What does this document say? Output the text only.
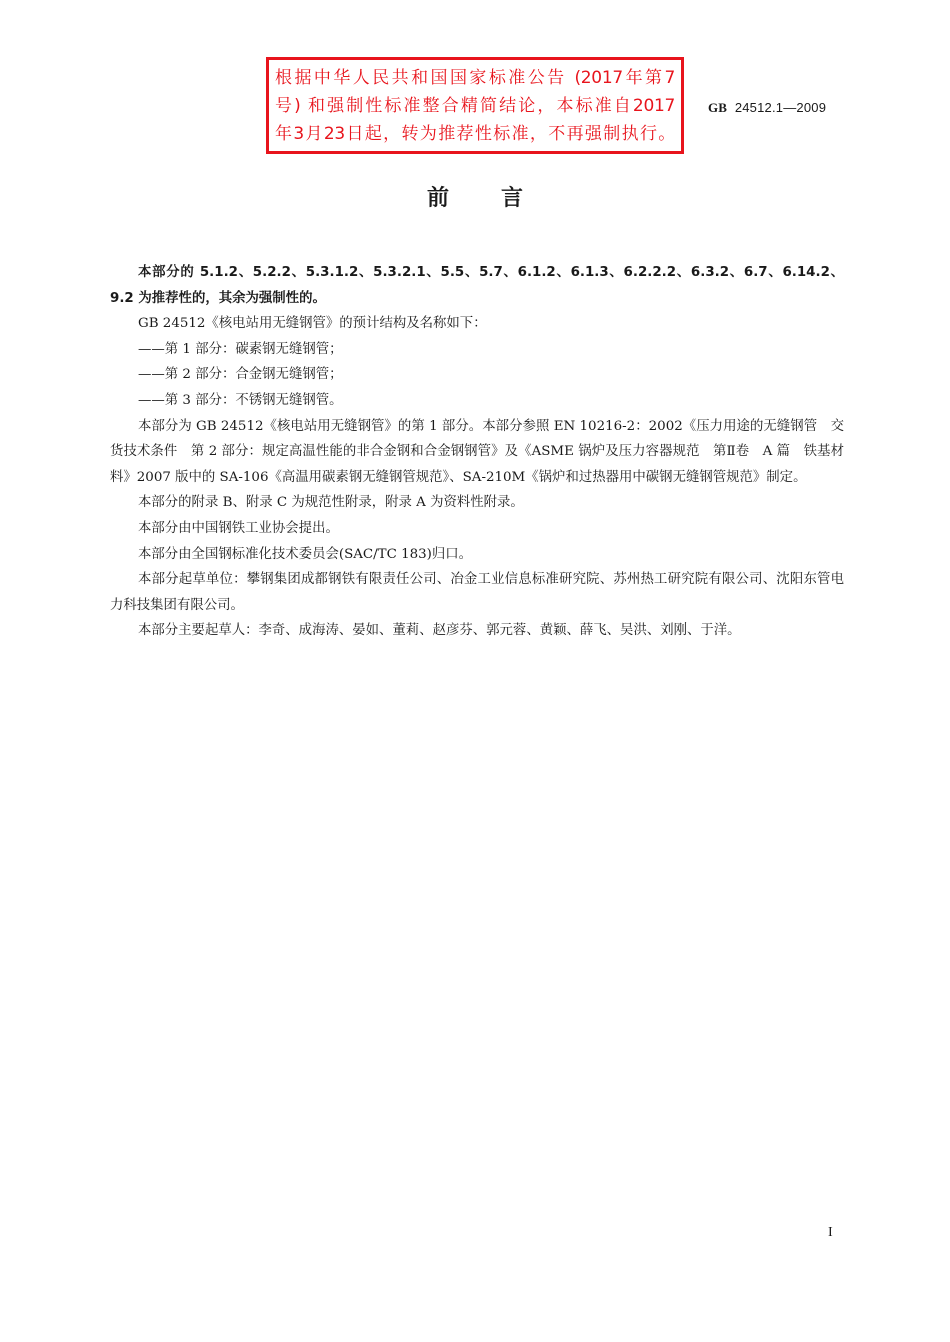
根据中华人民共和国国家标准公告 (2017年第7
号) 和强制性标准整合精简结论，本标准自2017
年3月23日起，转为推荐性标准，不再强制执行。
GB 24512.1—2009
前言

本部分的 5.1.2、5.2.2、5.3.1.2、5.3.2.1、5.5、5.7、6.1.2、6.1.3、6.2.2.2、6.3.2、6.7、6.14.2、9.2 为推荐性的，其余为强制性的。

GB 24512《核电站用无缝钢管》的预计结构及名称如下：

——第 1 部分：碳素钢无缝钢管；

——第 2 部分：合金钢无缝钢管；

——第 3 部分：不锈钢无缝钢管。

本部分为 GB 24512《核电站用无缝钢管》的第 1 部分。本部分参照 EN 10216-2：2002《压力用途的无缝钢管　交货技术条件　第 2 部分：规定高温性能的非合金钢和合金钢钢管》及《ASME 锅炉及压力容器规范　第Ⅱ卷　A 篇　铁基材料》2007 版中的 SA-106《高温用碳素钢无缝钢管规范》、SA-210M《锅炉和过热器用中碳钢无缝钢管规范》制定。

本部分的附录 B、附录 C 为规范性附录，附录 A 为资料性附录。

本部分由中国钢铁工业协会提出。

本部分由全国钢标准化技术委员会(SAC/TC 183)归口。

本部分起草单位：攀钢集团成都钢铁有限责任公司、冶金工业信息标准研究院、苏州热工研究院有限公司、沈阳东管电力科技集团有限公司。

本部分主要起草人：李奇、成海涛、晏如、董莉、赵彦芬、郭元蓉、黄颖、薛飞、吴洪、刘刚、于洋。

I
